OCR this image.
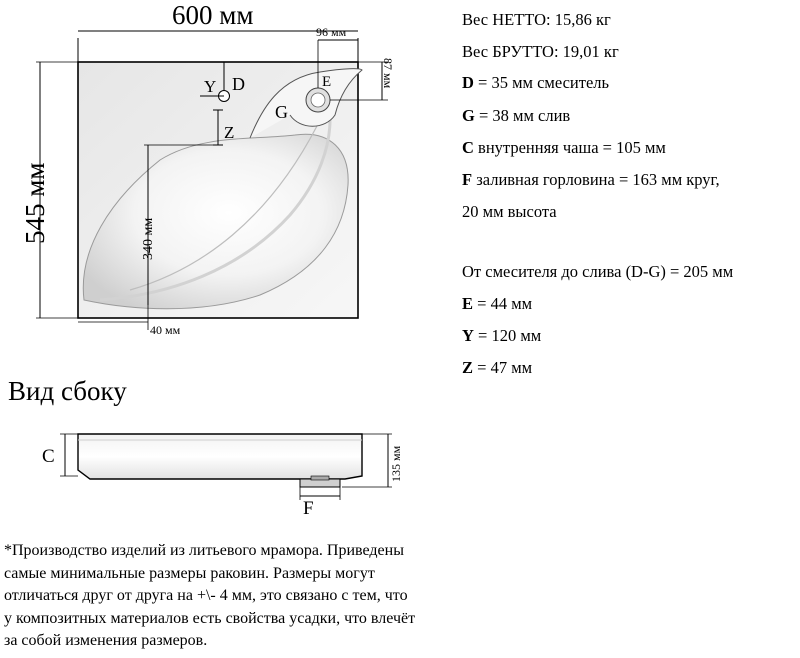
Y D
Z
G
E
600 мм
96 мм
87 мм
545 мм	340 мм
40 мм
C	135 мм
F
Вес НЕТТО: 15,86 кг
Вес БРУТТО: 19,01 кг
D = 35 мм смеситель
G = 38 мм слив
C внутренняя чаша = 105 мм
F заливная горловина = 163 мм круг,
20 мм высота
От смесителя до слива (D-G) = 205 мм
E = 44 мм
Y = 120 мм
Z = 47 мм
Вид сбоку
*Производство изделий из литьевого мрамора. Приведены
самые минимальные размеры раковин. Размеры могут
отличаться друг от друга на +\- 4 мм, это связано с тем, что
у композитных материалов есть свойства усадки, что влечёт
за собой изменения размеров.
